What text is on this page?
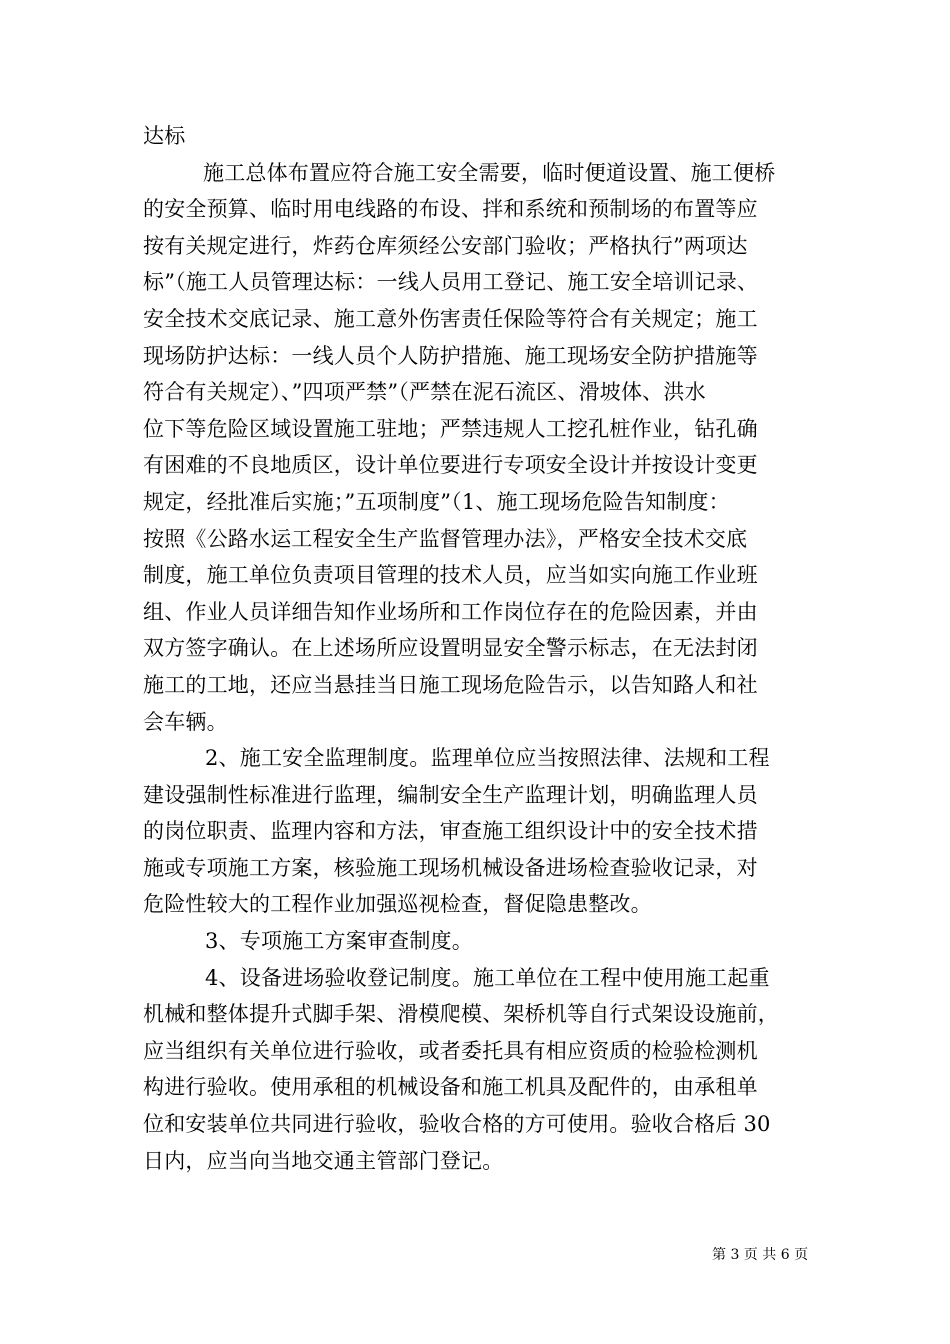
达标
施工总体布置应符合施工安全需要，临时便道设置、施工便桥
的安全预算、临时用电线路的布设、拌和系统和预制场的布置等应
按有关规定进行，炸药仓库须经公安部门验收；严格执行”两项达
标”（施工人员管理达标：一线人员用工登记、施工安全培训记录、
安全技术交底记录、施工意外伤害责任保险等符合有关规定；施工
现场防护达标：一线人员个人防护措施、施工现场安全防护措施等
符合有关规定）、”四项严禁”（严禁在泥石流区、滑坡体、洪水
位下等危险区域设置施工驻地；严禁违规人工挖孔桩作业，钻孔确
有困难的不良地质区，设计单位要进行专项安全设计并按设计变更
规定，经批准后实施；”五项制度”（1、施工现场危险告知制度：
按照《公路水运工程安全生产监督管理办法》，严格安全技术交底
制度，施工单位负责项目管理的技术人员，应当如实向施工作业班
组、作业人员详细告知作业场所和工作岗位存在的危险因素，并由
双方签字确认。在上述场所应设置明显安全警示标志，在无法封闭
施工的工地，还应当悬挂当日施工现场危险告示，以告知路人和社
会车辆。
2、施工安全监理制度。监理单位应当按照法律、法规和工程
建设强制性标准进行监理，编制安全生产监理计划，明确监理人员
的岗位职责、监理内容和方法，审查施工组织设计中的安全技术措
施或专项施工方案，核验施工现场机械设备进场检查验收记录，对
危险性较大的工程作业加强巡视检查，督促隐患整改。
3、专项施工方案审查制度。
4、设备进场验收登记制度。施工单位在工程中使用施工起重
机械和整体提升式脚手架、滑模爬模、架桥机等自行式架设设施前，
应当组织有关单位进行验收，或者委托具有相应资质的检验检测机
构进行验收。使用承租的机械设备和施工机具及配件的，由承租单
位和安装单位共同进行验收，验收合格的方可使用。验收合格后 30
日内，应当向当地交通主管部门登记。
第 3 页 共 6 页
